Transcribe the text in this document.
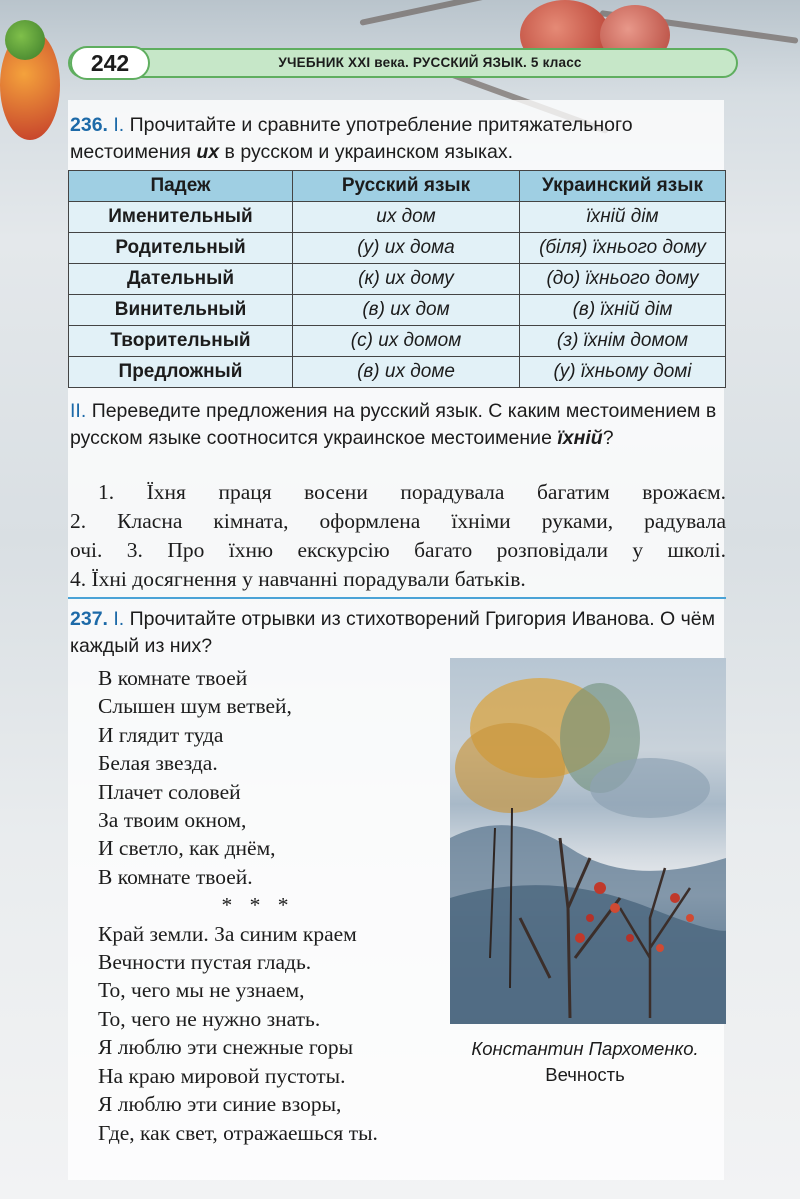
242	УЧЕБНИК XXI века. РУССКИЙ ЯЗЫК. 5 класс

236. I. Прочитайте и сравните употребление притяжательного местоимения их в русском и украинском языках.

Падеж	Русский язык	Украинский язык
Именительный	их дом	їхній дім
Родительный	(у) их дома	(біля) їхнього дому
Дательный	(к) их дому	(до) їхнього дому
Винительный	(в) их дом	(в) їхній дім
Творительный	(с) их домом	(з) їхнім домом
Предложный	(в) их доме	(у) їхньому домі

II. Переведите предложения на русский язык. С каким местоимением в русском языке соотносится украинское местоимение їхній?

1. Їхня праця восени порадувала багатим врожаєм.
2. Класна кімната, оформлена їхніми руками, радувала
очі. 3. Про їхню екскурсію багато розповідали у школі.
4. Їхні досягнення у навчанні порадували батьків.

237. I. Прочитайте отрывки из стихотворений Григория Иванова. О чём каждый из них?

В комнате твоей
Слышен шум ветвей,
И глядит туда
Белая звезда.
Плачет соловей
За твоим окном,
И светло, как днём,
В комнате твоей.
* * *
Край земли. За синим краем
Вечности пустая гладь.
То, чего мы не узнаем,
То, чего не нужно знать.
Я люблю эти снежные горы
На краю мировой пустоты.
Я люблю эти синие взоры,
Где, как свет, отражаешься ты.
Константин Пархоменко.
Вечность
